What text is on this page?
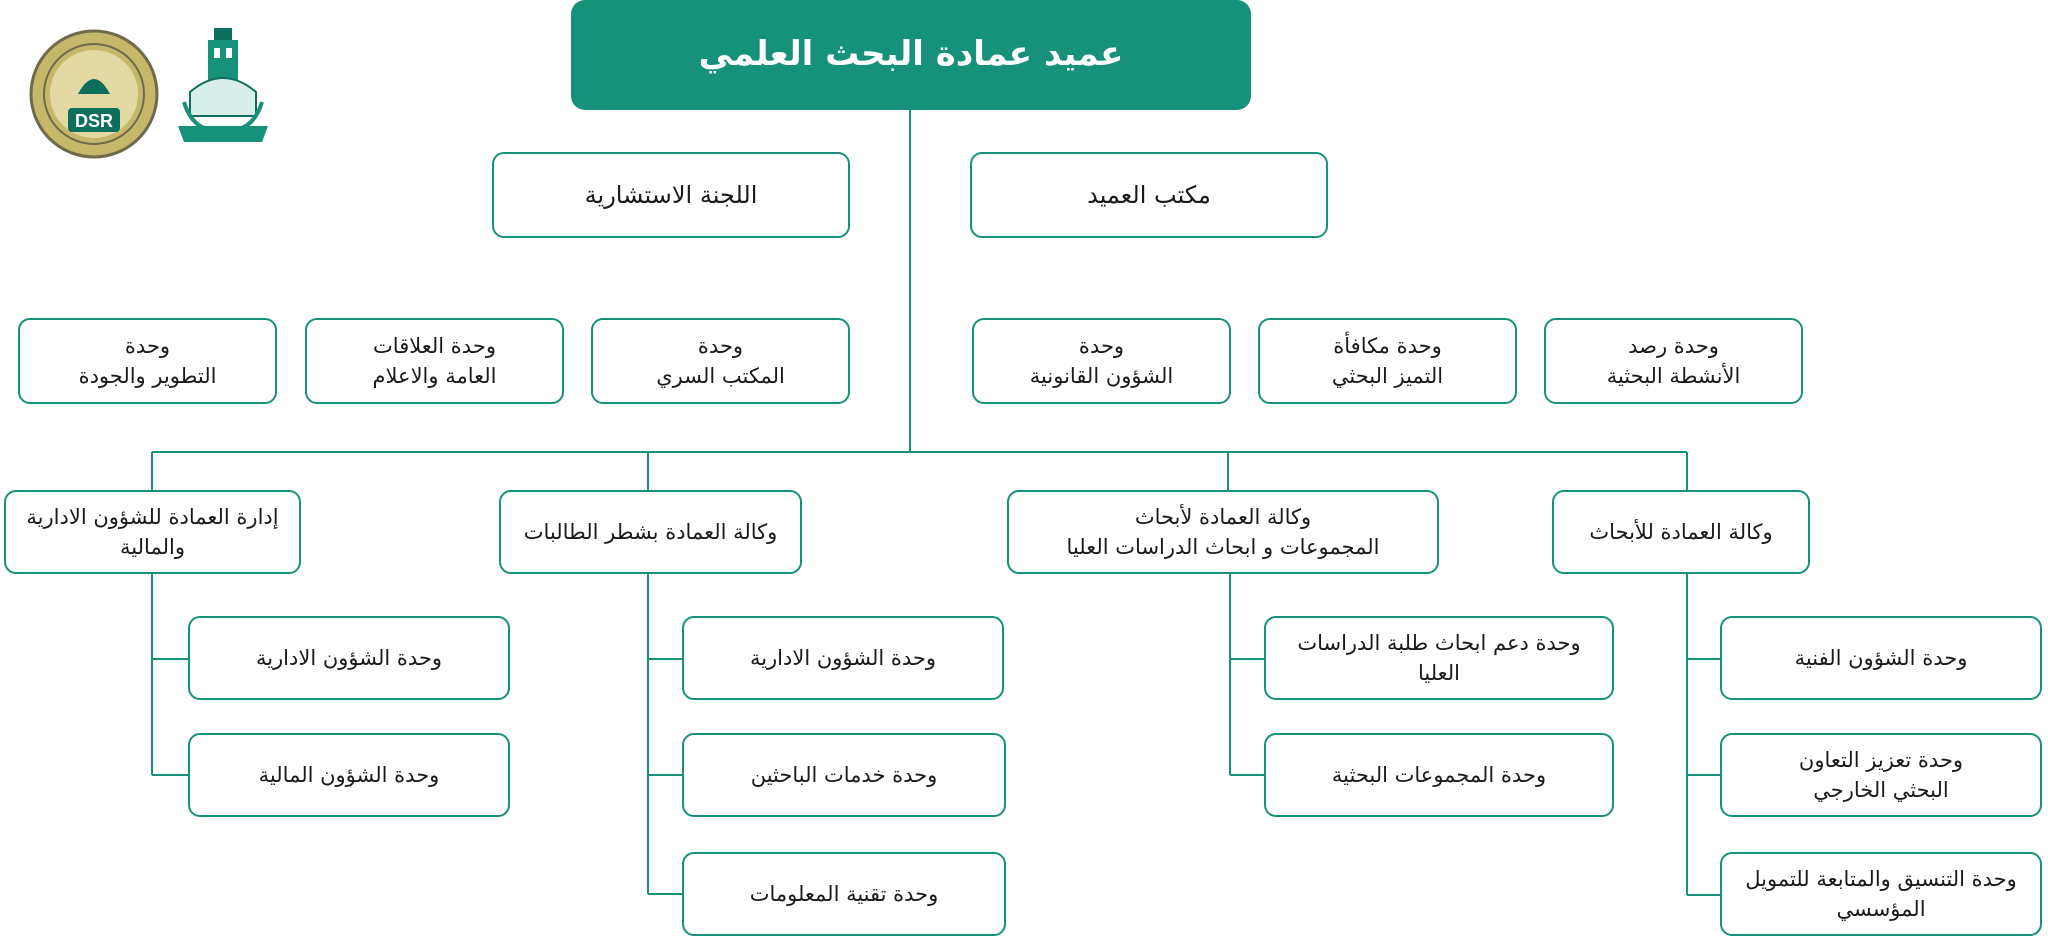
DSR
عميد عمادة البحث العلمي
اللجنة الاستشارية	مكتب العميد
وحدة
التطوير والجودة
وحدة العلاقات
العامة والاعلام
وحدة
المكتب السري
وحدة
الشؤون القانونية
وحدة مكافأة
التميز البحثي
وحدة رصد
الأنشطة البحثية
إدارة العمادة للشؤون الادارية
والمالية
وكالة العمادة بشطر الطالبات
وكالة العمادة لأبحاث
المجموعات و ابحاث الدراسات العليا
وكالة العمادة للأبحاث
وحدة الشؤون الادارية
وحدة الشؤون المالية
وحدة الشؤون الادارية
وحدة خدمات الباحثين
وحدة تقنية المعلومات
وحدة دعم ابحاث طلبة الدراسات العليا
وحدة المجموعات البحثية
وحدة الشؤون الفنية
وحدة تعزيز التعاون
البحثي الخارجي
وحدة التنسيق والمتابعة للتمويل
المؤسسي
